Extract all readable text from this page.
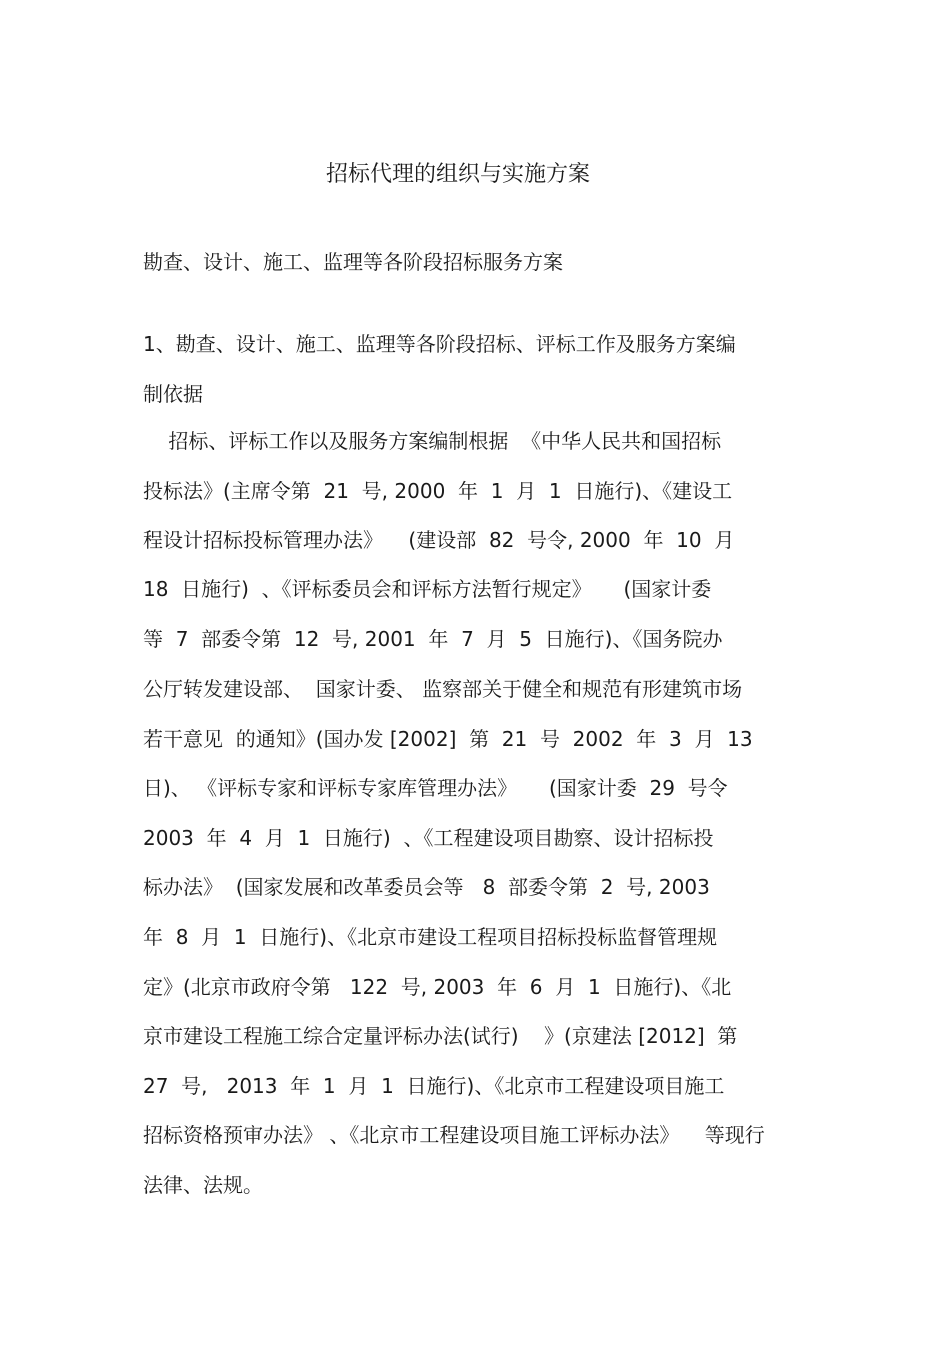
招标代理的组织与实施方案
勘查、设计、施工、监理等各阶段招标服务方案
1、勘查、设计、施工、监理等各阶段招标、评标工作及服务方案编
制依据
招标、评标工作以及服务方案编制根据  《中华人民共和国招标
投标法》(主席令第  21  号, 2000  年  1  月  1  日施行)、《建设工
程设计招标投标管理办法》    (建设部  82  号令, 2000  年  10  月
18  日施行)  、《评标委员会和评标方法暂行规定》     (国家计委
等  7  部委令第  12  号, 2001  年  7  月  5  日施行)、《国务院办
公厅转发建设部、  国家计委、 监察部关于健全和规范有形建筑市场
若干意见  的通知》(国办发 [2002]  第  21  号  2002  年  3  月  13
日)、 《评标专家和评标专家库管理办法》     (国家计委  29  号令
2003  年  4  月  1  日施行)  、《工程建设项目勘察、设计招标投
标办法》  (国家发展和改革委员会等   8  部委令第  2  号, 2003
年  8  月  1  日施行)、《北京市建设工程项目招标投标监督管理规
定》(北京市政府令第   122  号, 2003  年  6  月  1  日施行)、《北
京市建设工程施工综合定量评标办法(试行)    》(京建法 [2012]  第
27  号,   2013  年  1  月  1  日施行)、《北京市工程建设项目施工
招标资格预审办法》 、《北京市工程建设项目施工评标办法》    等现行
法律、法规。
